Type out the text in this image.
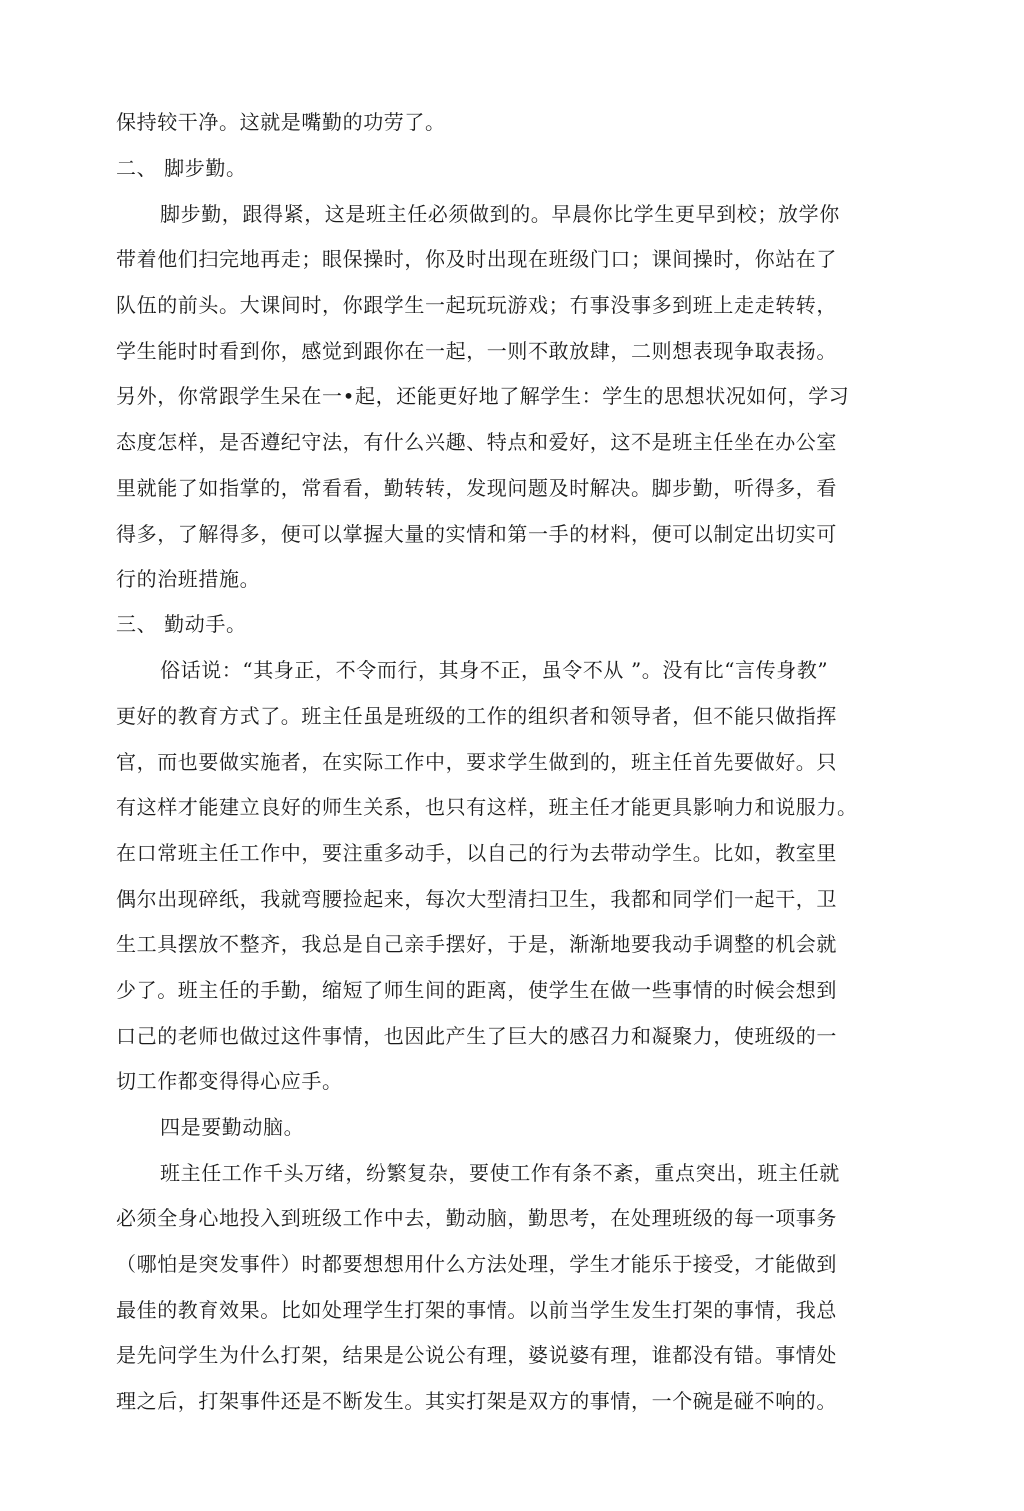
保持较干净。这就是嘴勤的功劳了。

二、 脚步勤。

脚步勤，跟得紧，这是班主任必须做到的。早晨你比学生更早到校；放学你

带着他们扫完地再走；眼保操时，你及时出现在班级门口；课间操时，你站在了

队伍的前头。大课间时，你跟学生一起玩玩游戏；冇事没事多到班上走走转转，

学生能时时看到你，感觉到跟你在一起，一则不敢放肆，二则想表现争取表扬。

另外，你常跟学生呆在一•起，还能更好地了解学生：学生的思想状况如何，学习

态度怎样，是否遵纪守法，有什么兴趣、特点和爱好，这不是班主任坐在办公室

里就能了如指掌的，常看看，勤转转，发现问题及时解决。脚步勤，听得多，看

得多，了解得多，便可以掌握大量的实情和第一手的材料，便可以制定出切实可

行的治班措施。

三、 勤动手。

俗话说：“其身正，不令而行，其身不正，虽令不从 ”。没有比“言传身教”

更好的教育方式了。班主任虽是班级的工作的组织者和领导者，但不能只做指挥

官，而也要做实施者，在实际工作中，要求学生做到的，班主任首先要做好。只

有这样才能建立良好的师生关系，也只有这样，班主任才能更具影响力和说服力。

在口常班主任工作中，要注重多动手，以自己的行为去带动学生。比如，教室里

偶尔出现碎纸，我就弯腰捡起来，每次大型清扫卫生，我都和同学们一起干，卫

生工具摆放不整齐，我总是自己亲手摆好，于是，渐渐地要我动手调整的机会就

少了。班主任的手勤，缩短了师生间的距离，使学生在做一些事情的时候会想到

口己的老师也做过这件事情，也因此产生了巨大的感召力和凝聚力，使班级的一

切工作都变得得心应手。

四是要勤动脑。

班主任工作千头万绪，纷繁复杂，要使工作有条不紊，重点突出，班主任就

必须全身心地投入到班级工作中去，勤动脑，勤思考，在处理班级的每一项事务

（哪怕是突发事件）时都要想想用什么方法处理，学生才能乐于接受，才能做到

最佳的教育效果。比如处理学生打架的事情。以前当学生发生打架的事情，我总

是先问学生为什么打架，结果是公说公有理，婆说婆有理，谁都没有错。事情处

理之后，打架事件还是不断发生。其实打架是双方的事情，一个碗是碰不响的。
